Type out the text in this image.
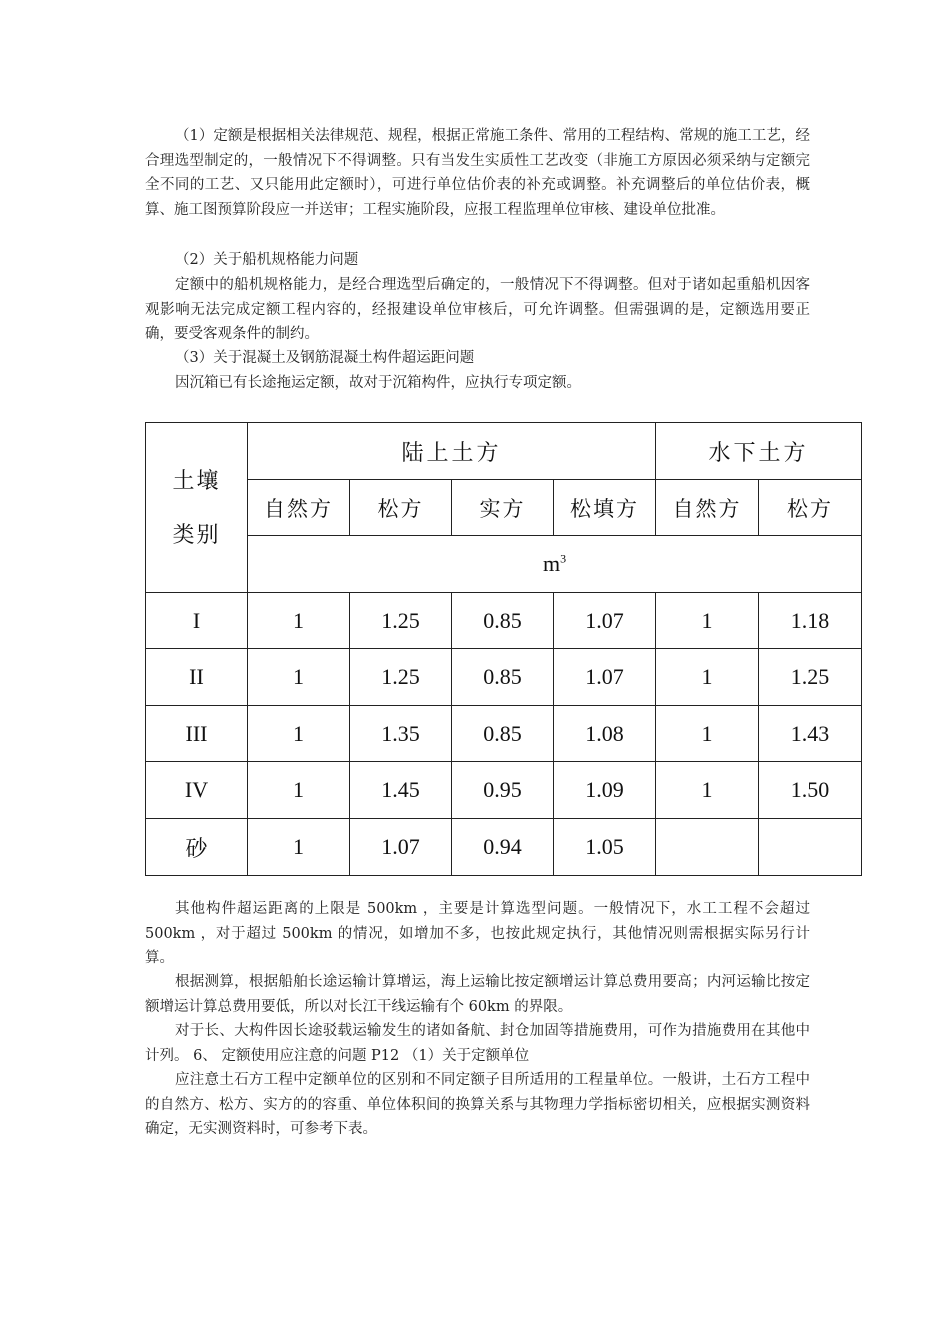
（1）定额是根据相关法律规范、规程，根据正常施工条件、常用的工程结构、常规的施工工艺，经合理选型制定的，一般情况下不得调整。只有当发生实质性工艺改变（非施工方原因必须采纳与定额完全不同的工艺、又只能用此定额时），可进行单位估价表的补充或调整。补充调整后的单位估价表，概算、施工图预算阶段应一并送审；工程实施阶段，应报工程监理单位审核、建设单位批准。

（2）关于船机规格能力问题

定额中的船机规格能力，是经合理选型后确定的，一般情况下不得调整。但对于诸如起重船机因客观影响无法完成定额工程内容的，经报建设单位审核后，可允许调整。但需强调的是，定额选用要正确，要受客观条件的制约。

（3）关于混凝土及钢筋混凝土构件超运距问题

因沉箱已有长途拖运定额，故对于沉箱构件，应执行专项定额。

土壤
类别	陆上土方				水下土方	
	自然方	松方	实方	松填方	自然方	松方
	$m^3$
I	1	1.25	0.85	1.07	1	1.18
II	1	1.25	0.85	1.07	1	1.25
III	1	1.35	0.85	1.08	1	1.43
IV	1	1.45	0.95	1.09	1	1.50
砂	1	1.07	0.94	1.05		

其他构件超运距离的上限是 500km ，主要是计算选型问题。一般情况下，水工工程不会超过 500km ，对于超过 500km 的情况，如增加不多，也按此规定执行，其他情况则需根据实际另行计算。

根据测算，根据船舶长途运输计算增运，海上运输比按定额增运计算总费用要高；内河运输比按定额增运计算总费用要低，所以对长江干线运输有个 60km 的界限。

对于长、大构件因长途驳载运输发生的诸如备航、封仓加固等措施费用，可作为措施费用在其他中计列。 6、 定额使用应注意的问题 P12 （1）关于定额单位

应注意土石方工程中定额单位的区别和不同定额子目所适用的工程量单位。一般讲，土石方工程中的自然方、松方、实方的的容重、单位体积间的换算关系与其物理力学指标密切相关，应根据实测资料确定，无实测资料时，可参考下表。
